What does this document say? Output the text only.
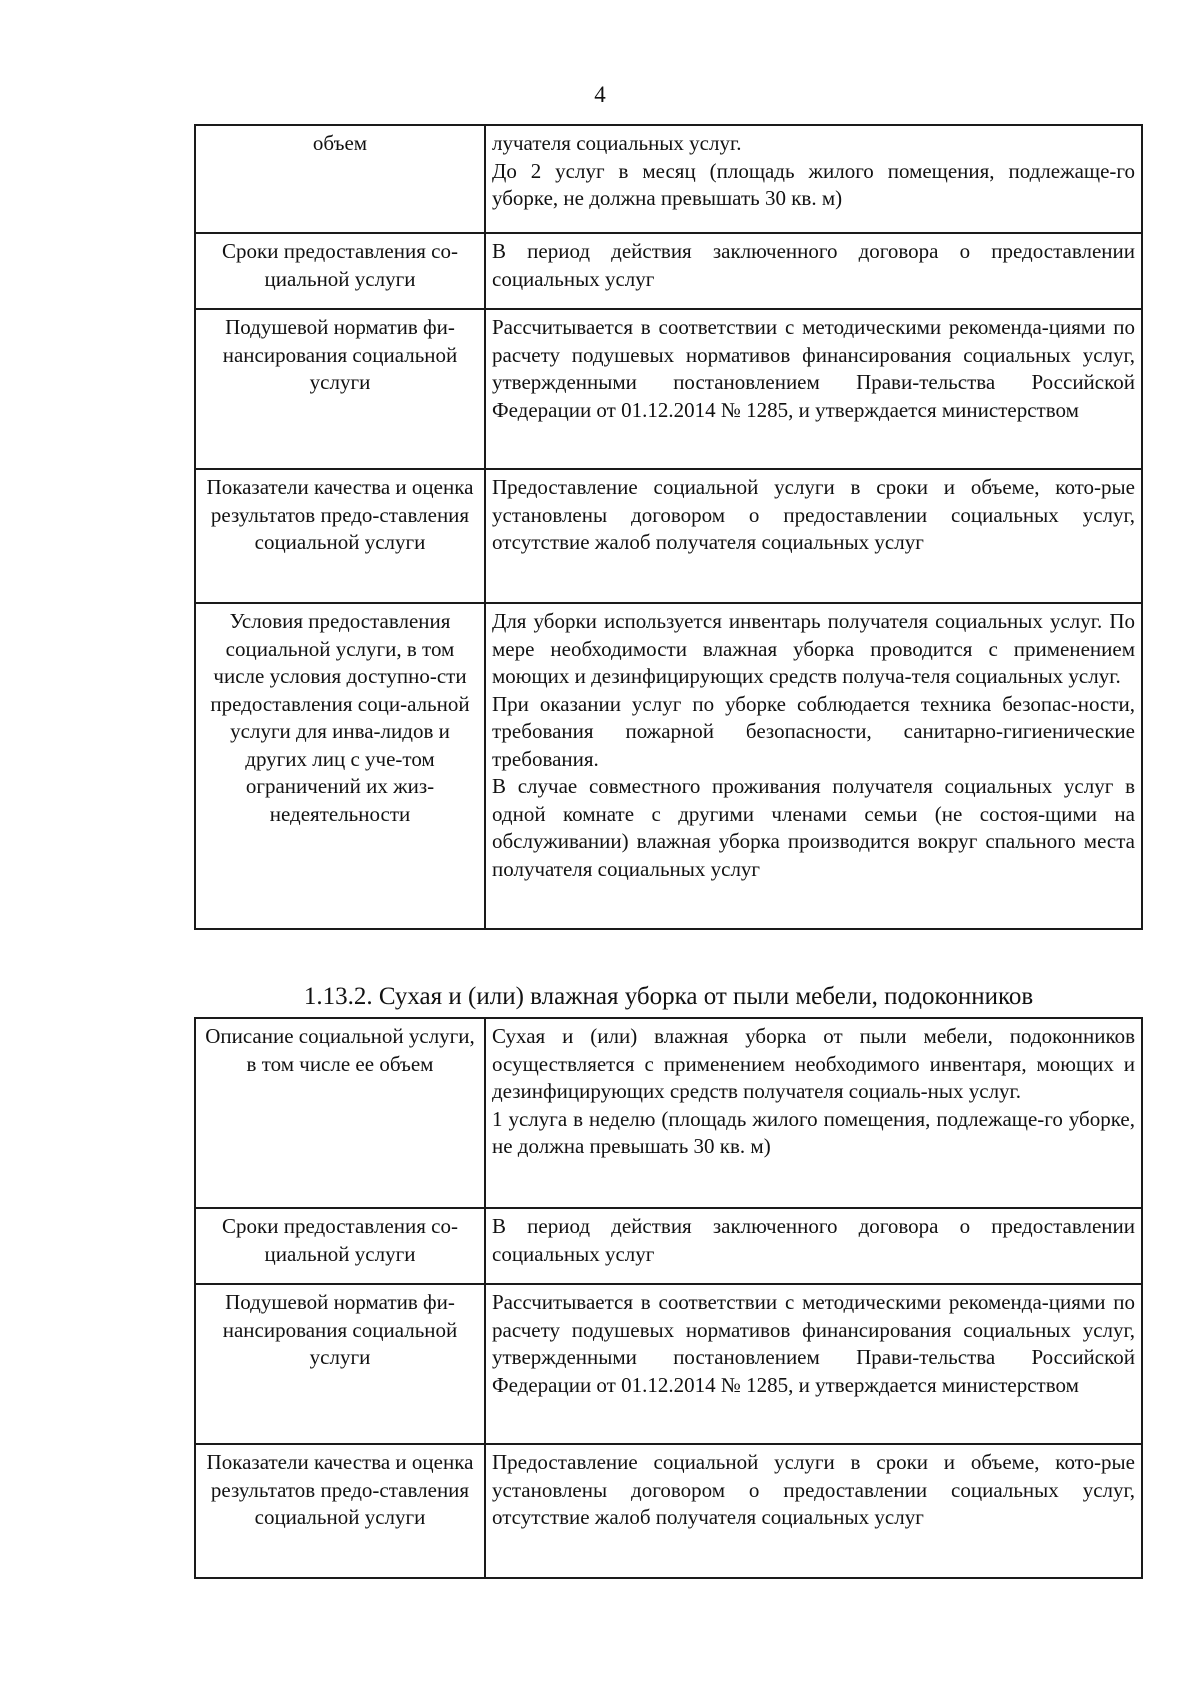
4
объем	лучателя социальных услуг.
До 2 услуг в месяц (площадь жилого помещения, подлежаще-го уборке, не должна превышать 30 кв. м)

Сроки предоставления со-циальной услуги	В период действия заключенного договора о предоставлении социальных услуг

Подушевой норматив фи-нансирования социальной услуги	Рассчитывается в соответствии с методическими рекоменда-циями по расчету подушевых нормативов финансирования социальных услуг, утвержденными постановлением Прави-тельства Российской Федерации от 01.12.2014 № 1285, и утверждается министерством

Показатели качества и оценка результатов предо-ставления социальной услуги	Предоставление социальной услуги в сроки и объеме, кото-рые установлены договором о предоставлении социальных услуг, отсутствие жалоб получателя социальных услуг

Условия предоставления социальной услуги, в том числе условия доступно-сти предоставления соци-альной услуги для инва-лидов и других лиц с уче-том ограничений их жиз-недеятельности	Для уборки используется инвентарь получателя социальных услуг. По мере необходимости влажная уборка проводится с применением моющих и дезинфицирующих средств получа-теля социальных услуг.
При оказании услуг по уборке соблюдается техника безопас-ности, требования пожарной безопасности, санитарно-гигиенические требования.
В случае совместного проживания получателя социальных услуг в одной комнате с другими членами семьи (не состоя-щими на обслуживании) влажная уборка производится вокруг спального места получателя социальных услуг
1.13.2. Сухая и (или) влажная уборка от пыли мебели, подоконников
Описание социальной услуги, в том числе ее объем	Сухая и (или) влажная уборка от пыли мебели, подоконников осуществляется с применением необходимого инвентаря, моющих и дезинфицирующих средств получателя социаль-ных услуг.
1 услуга в неделю (площадь жилого помещения, подлежаще-го уборке, не должна превышать 30 кв. м)

Сроки предоставления со-циальной услуги	В период действия заключенного договора о предоставлении социальных услуг

Подушевой норматив фи-нансирования социальной услуги	Рассчитывается в соответствии с методическими рекоменда-циями по расчету подушевых нормативов финансирования социальных услуг, утвержденными постановлением Прави-тельства Российской Федерации от 01.12.2014 № 1285, и утверждается министерством

Показатели качества и оценка результатов предо-ставления социальной услуги	Предоставление социальной услуги в сроки и объеме, кото-рые установлены договором о предоставлении социальных услуг, отсутствие жалоб получателя социальных услуг
